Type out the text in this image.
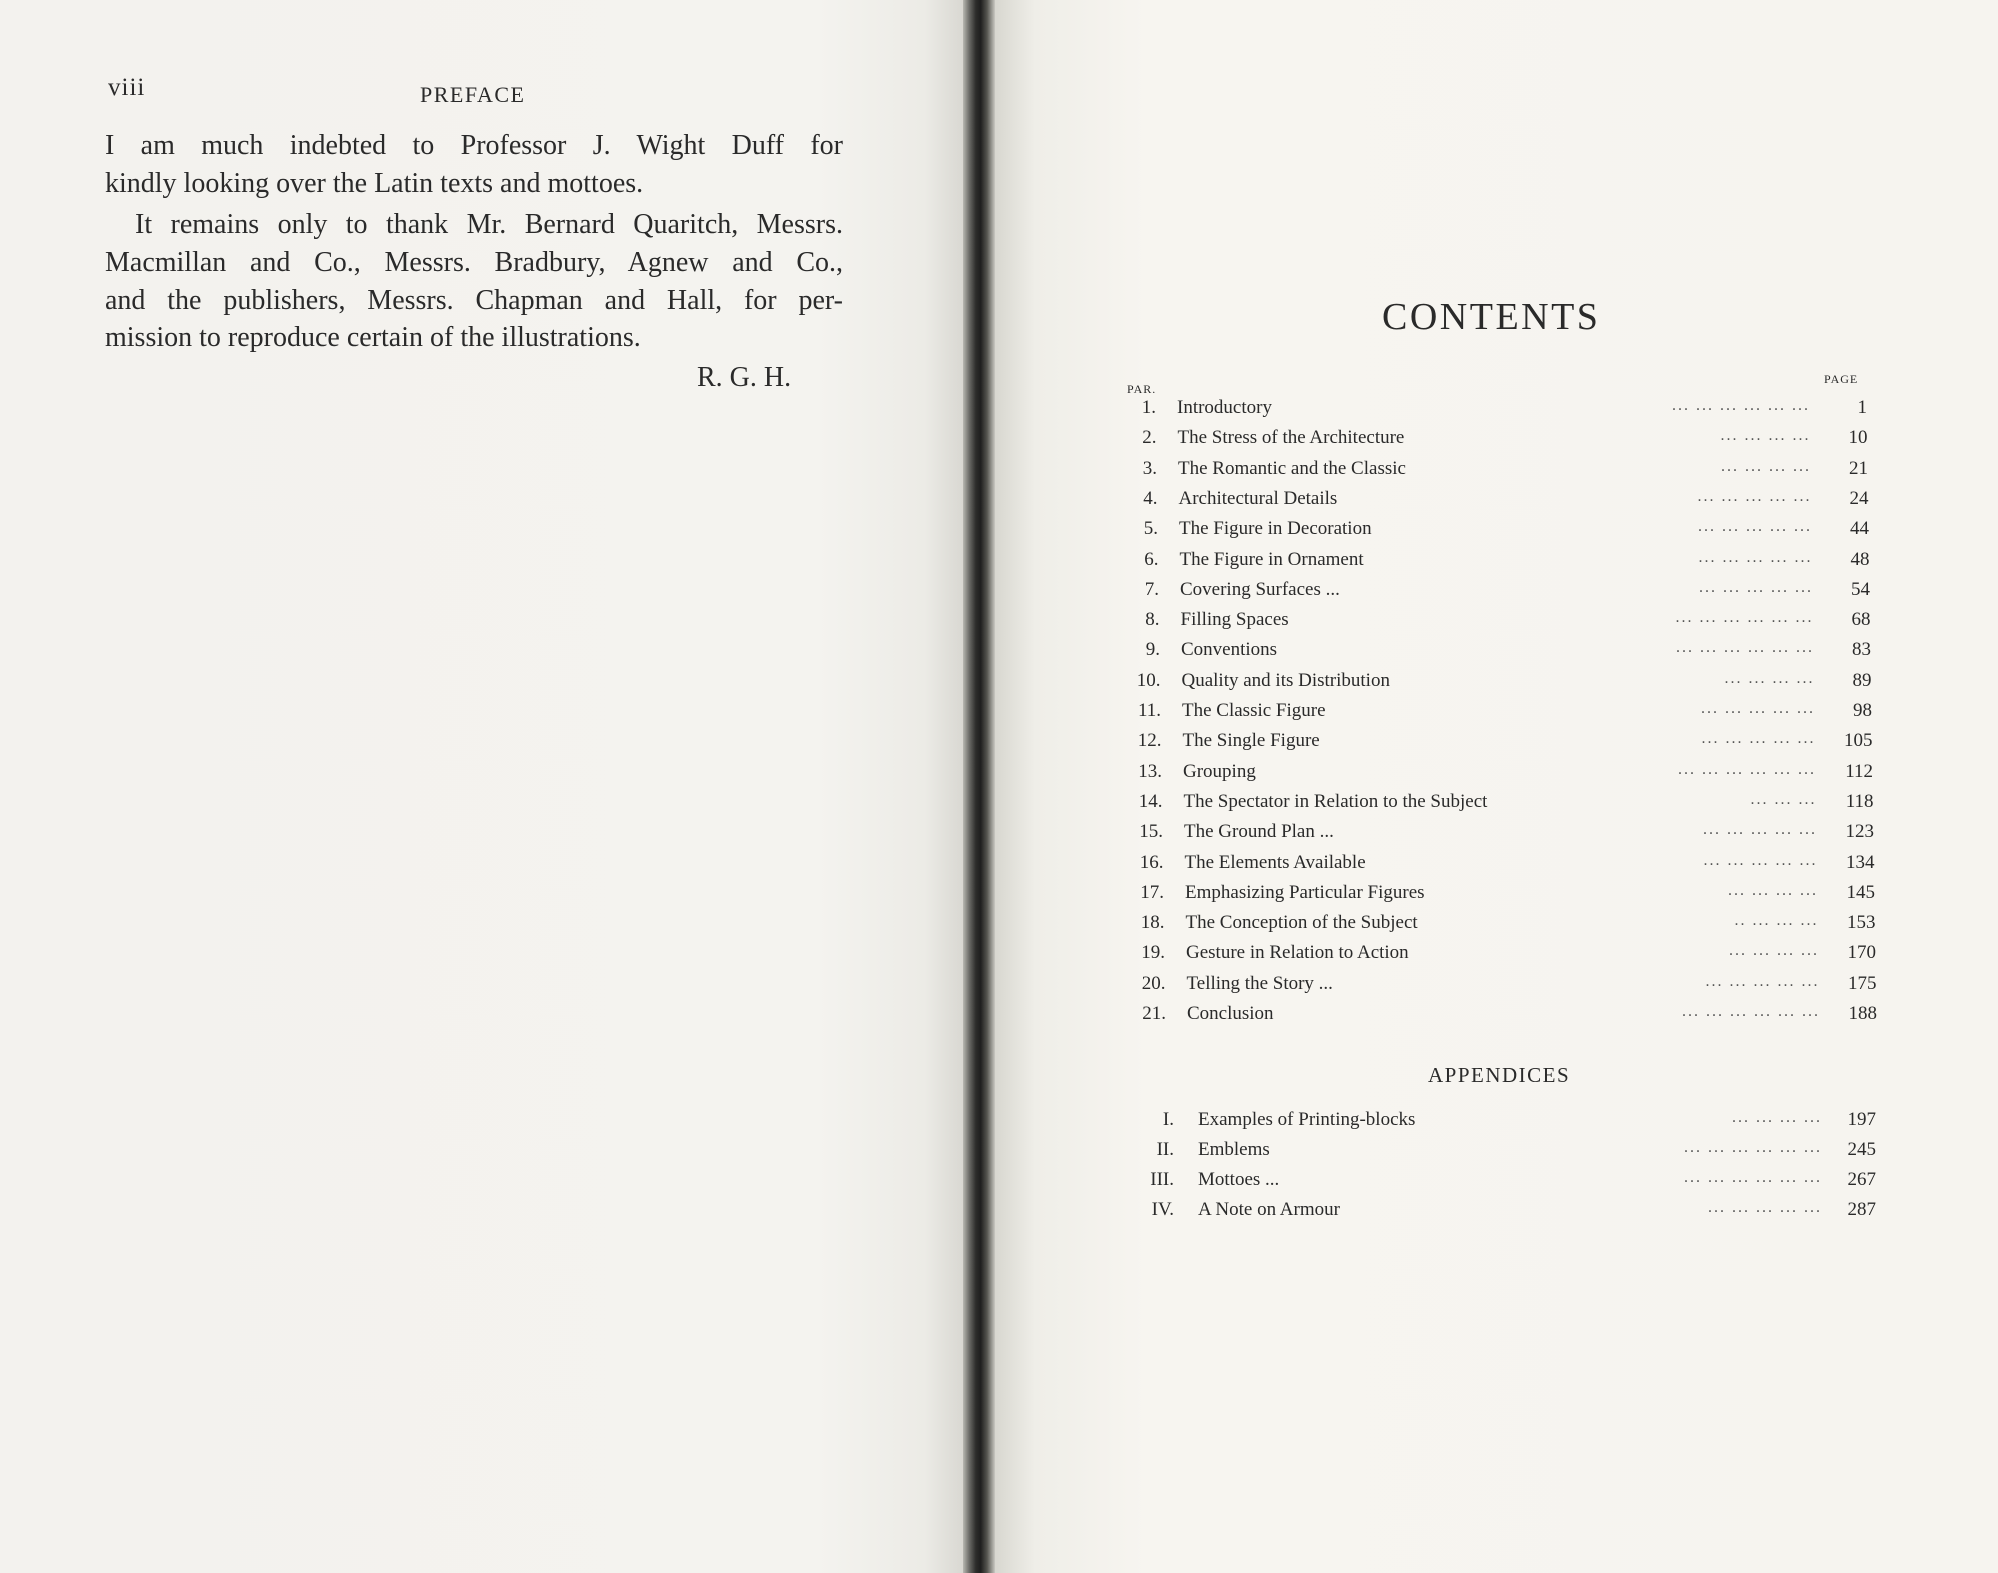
viii	PREFACE
I am much indebted to Professor J. Wight Duff for
kindly looking over the Latin texts and mottoes.
It remains only to thank Mr. Bernard Quaritch, Messrs.
Macmillan and Co., Messrs. Bradbury, Agnew and Co.,
and the publishers, Messrs. Chapman and Hall, for per-
mission to reproduce certain of the illustrations.
R. G. H.
CONTENTS
PAR.
PAGE
1. Introductory	... ... ... ... ... ...	1
2. The Stress of the Architecture	... ... ... ...	10
3. The Romantic and the Classic	... ... ... ...	21
4. Architectural Details	... ... ... ... ...	24
5. The Figure in Decoration	... ... ... ... ...	44
6. The Figure in Ornament	... ... ... ... ...	48
7. Covering Surfaces ...	... ... ... ... ...	54
8. Filling Spaces	... ... ... ... ... ...	68
9. Conventions	... ... ... ... ... ...	83
10. Quality and its Distribution	... ... ... ...	89
11. The Classic Figure	... ... ... ... ...	98
12. The Single Figure	... ... ... ... ...	105
13. Grouping	... ... ... ... ... ...	112
14. The Spectator in Relation to the Subject	... ... ...	118
15. The Ground Plan ...	... ... ... ... ...	123
16. The Elements Available	... ... ... ... ...	134
17. Emphasizing Particular Figures	... ... ... ...	145
18. The Conception of the Subject	.. ... ... ...	153
19. Gesture in Relation to Action	... ... ... ...	170
20. Telling the Story ...	... ... ... ... ...	175
21. Conclusion	... ... ... ... ... ...	188
APPENDICES
I. Examples of Printing-blocks	... ... ... ...	197
II. Emblems	... ... ... ... ... ...	245
III. Mottoes ...	... ... ... ... ... ...	267
IV. A Note on Armour	... ... ... ... ...	287
